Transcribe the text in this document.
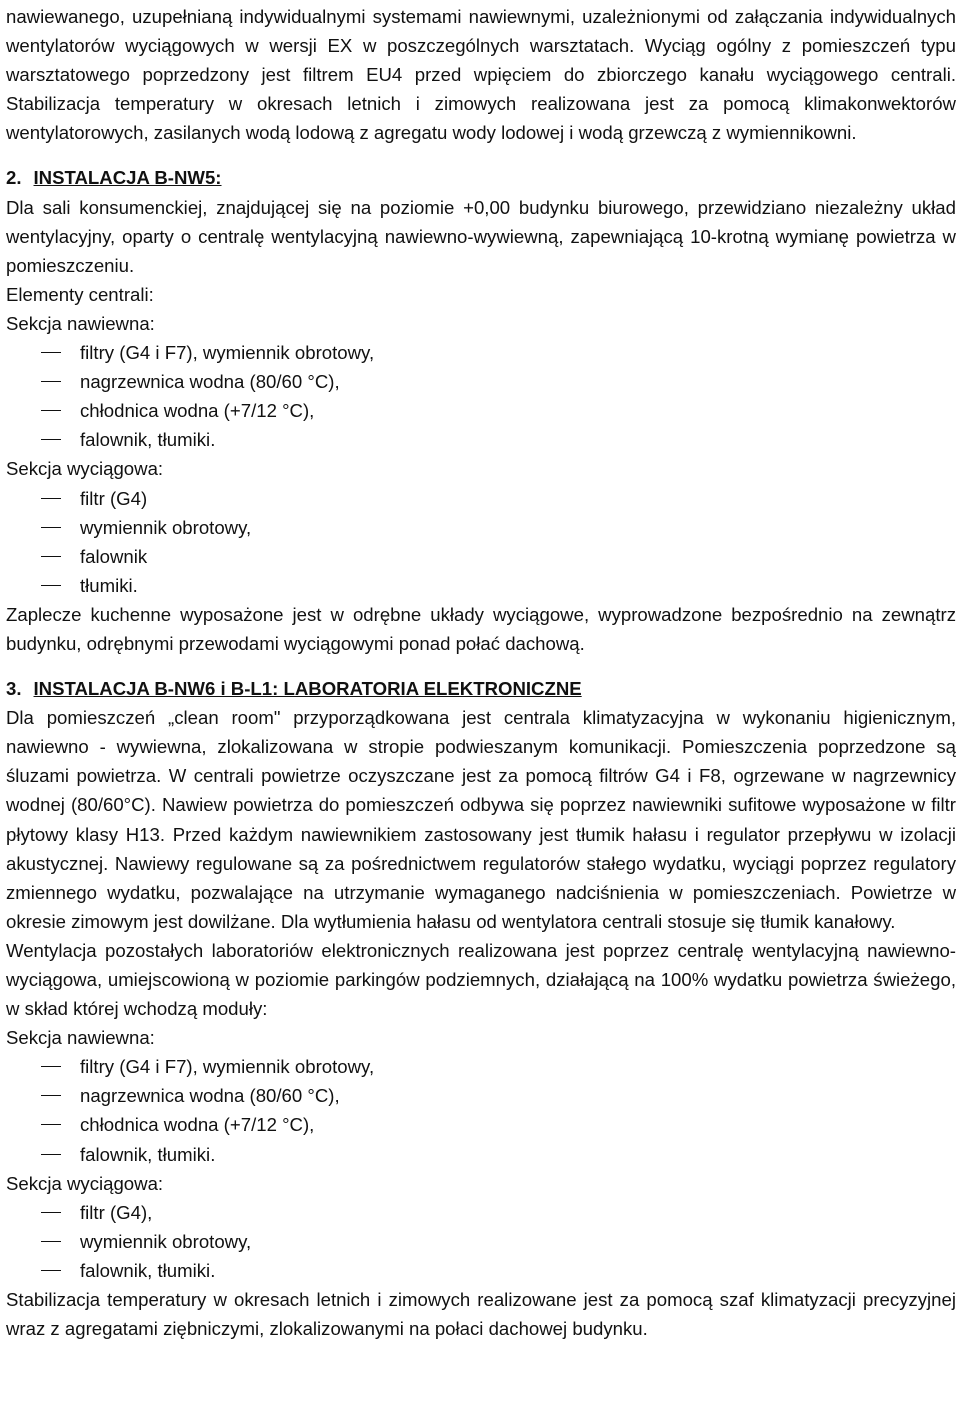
nawiewanego, uzupełnianą indywidualnymi systemami nawiewnymi, uzależnionymi od załączania indywidualnych wentylatorów wyciągowych w wersji EX w poszczególnych warsztatach. Wyciąg ogólny z pomieszczeń typu warsztatowego poprzedzony jest filtrem EU4 przed wpięciem do zbiorczego kanału wyciągowego centrali. Stabilizacja temperatury w okresach letnich i zimowych realizowana jest za pomocą klimakonwektorów wentylatorowych, zasilanych wodą lodową z agregatu wody lodowej i wodą grzewczą z wymiennikowni.

2. INSTALACJA B-NW5:

Dla sali konsumenckiej, znajdującej się na poziomie +0,00 budynku biurowego, przewidziano niezależny układ wentylacyjny, oparty o centralę wentylacyjną nawiewno-wywiewną, zapewniającą 10-krotną wymianę powietrza w pomieszczeniu.

Elementy centrali:

Sekcja nawiewna:

filtry (G4 i F7), wymiennik obrotowy,
nagrzewnica wodna (80/60 °C),
chłodnica wodna (+7/12 °C),
falownik, tłumiki.

Sekcja wyciągowa:

filtr (G4)
wymiennik obrotowy,
falownik
tłumiki.

Zaplecze kuchenne wyposażone jest w odrębne układy wyciągowe, wyprowadzone bezpośrednio na zewnątrz budynku, odrębnymi przewodami wyciągowymi ponad połać dachową.

3. INSTALACJA B-NW6 i B-L1: LABORATORIA ELEKTRONICZNE

Dla pomieszczeń „clean room" przyporządkowana jest centrala klimatyzacyjna w wykonaniu higienicznym, nawiewno - wywiewna, zlokalizowana w stropie podwieszanym komunikacji. Pomieszczenia poprzedzone są śluzami powietrza. W centrali powietrze oczyszczane jest za pomocą filtrów G4 i F8, ogrzewane w nagrzewnicy wodnej (80/60°C). Nawiew powietrza do pomieszczeń odbywa się poprzez nawiewniki sufitowe wyposażone w filtr płytowy klasy H13. Przed każdym nawiewnikiem zastosowany jest tłumik hałasu i regulator przepływu w izolacji akustycznej. Nawiewy regulowane są za pośrednictwem regulatorów stałego wydatku, wyciągi poprzez regulatory zmiennego wydatku, pozwalające na utrzymanie wymaganego nadciśnienia w pomieszczeniach. Powietrze w okresie zimowym jest dowilżane. Dla wytłumienia hałasu od wentylatora centrali stosuje się tłumik kanałowy.

Wentylacja pozostałych laboratoriów elektronicznych realizowana jest poprzez centralę wentylacyjną nawiewno-wyciągowa, umiejscowioną w poziomie parkingów podziemnych, działającą na 100% wydatku powietrza świeżego, w skład której wchodzą moduły:

Sekcja nawiewna:

filtry (G4 i F7), wymiennik obrotowy,
nagrzewnica wodna (80/60 °C),
chłodnica wodna (+7/12 °C),
falownik, tłumiki.

Sekcja wyciągowa:

filtr (G4),
wymiennik obrotowy,
falownik, tłumiki.

Stabilizacja temperatury w okresach letnich i zimowych realizowane jest za pomocą szaf klimatyzacji precyzyjnej wraz z agregatami ziębniczymi, zlokalizowanymi na połaci dachowej budynku.
